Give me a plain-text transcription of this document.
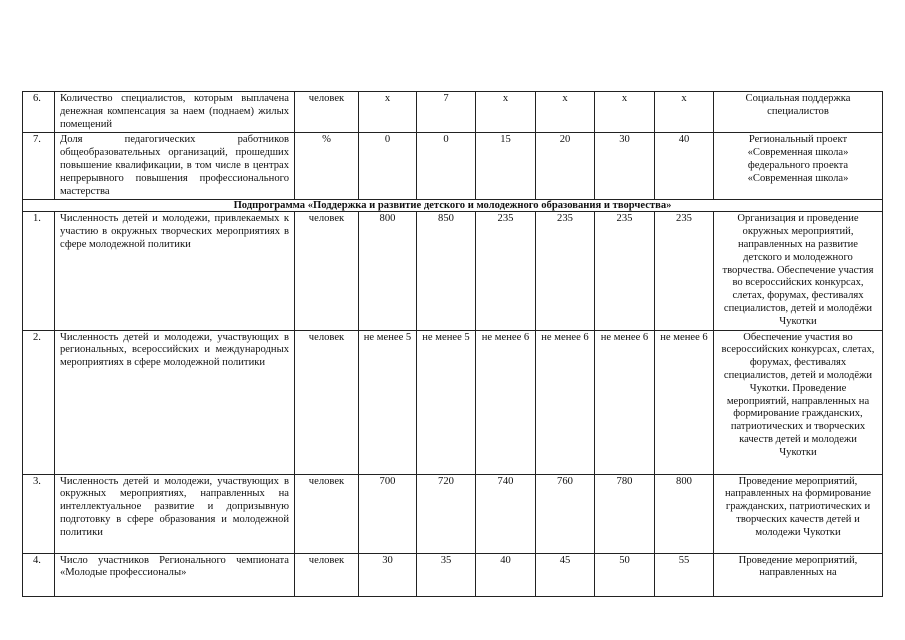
6.	Количество специалистов, которым выплачена денежная компенсация за наем (поднаем) жилых помещений	человек	х	7	х	х	х	х	Социальная поддержка специалистов
7.	Доля педагогических работников общеобразовательных организаций, прошедших повышение квалификации, в том числе в центрах непрерывного повышения профессионального мастерства	%	0	0	15	20	30	40	Региональный проект «Современная школа» федерального проекта «Современная школа»
Подпрограмма «Поддержка и развитие детского и молодежного образования и творчества»									
1.	Численность детей и молодежи, привлекаемых к участию в окружных творческих мероприятиях в сфере молодежной политики	человек	800	850	235	235	235	235	Организация и проведение окружных мероприятий, направленных на развитие детского и молодежного творчества. Обеспечение участия во всероссийских конкурсах, слетах, форумах, фестивалях специалистов, детей и молодёжи Чукотки
2.	Численность детей и молодежи, участвующих в региональных, всероссийских и международных мероприятиях в сфере молодежной политики	человек	не менее 5	не менее 5	не менее 6	не менее 6	не менее 6	не менее 6	Обеспечение участия во всероссийских конкурсах, слетах, форумах, фестивалях специалистов, детей и молодёжи Чукотки. Проведение мероприятий, направленных на формирование гражданских, патриотических и творческих качеств детей и молодежи Чукотки
3.	Численность детей и молодежи, участвующих в окружных мероприятиях, направленных на интеллектуальное развитие и допризывную подготовку в сфере образования и молодежной политики	человек	700	720	740	760	780	800	Проведение мероприятий, направленных на формирование гражданских, патриотических и творческих качеств детей и молодежи Чукотки
4.	Число участников Регионального чемпионата «Молодые профессионалы»	человек	30	35	40	45	50	55	Проведение мероприятий, направленных на
